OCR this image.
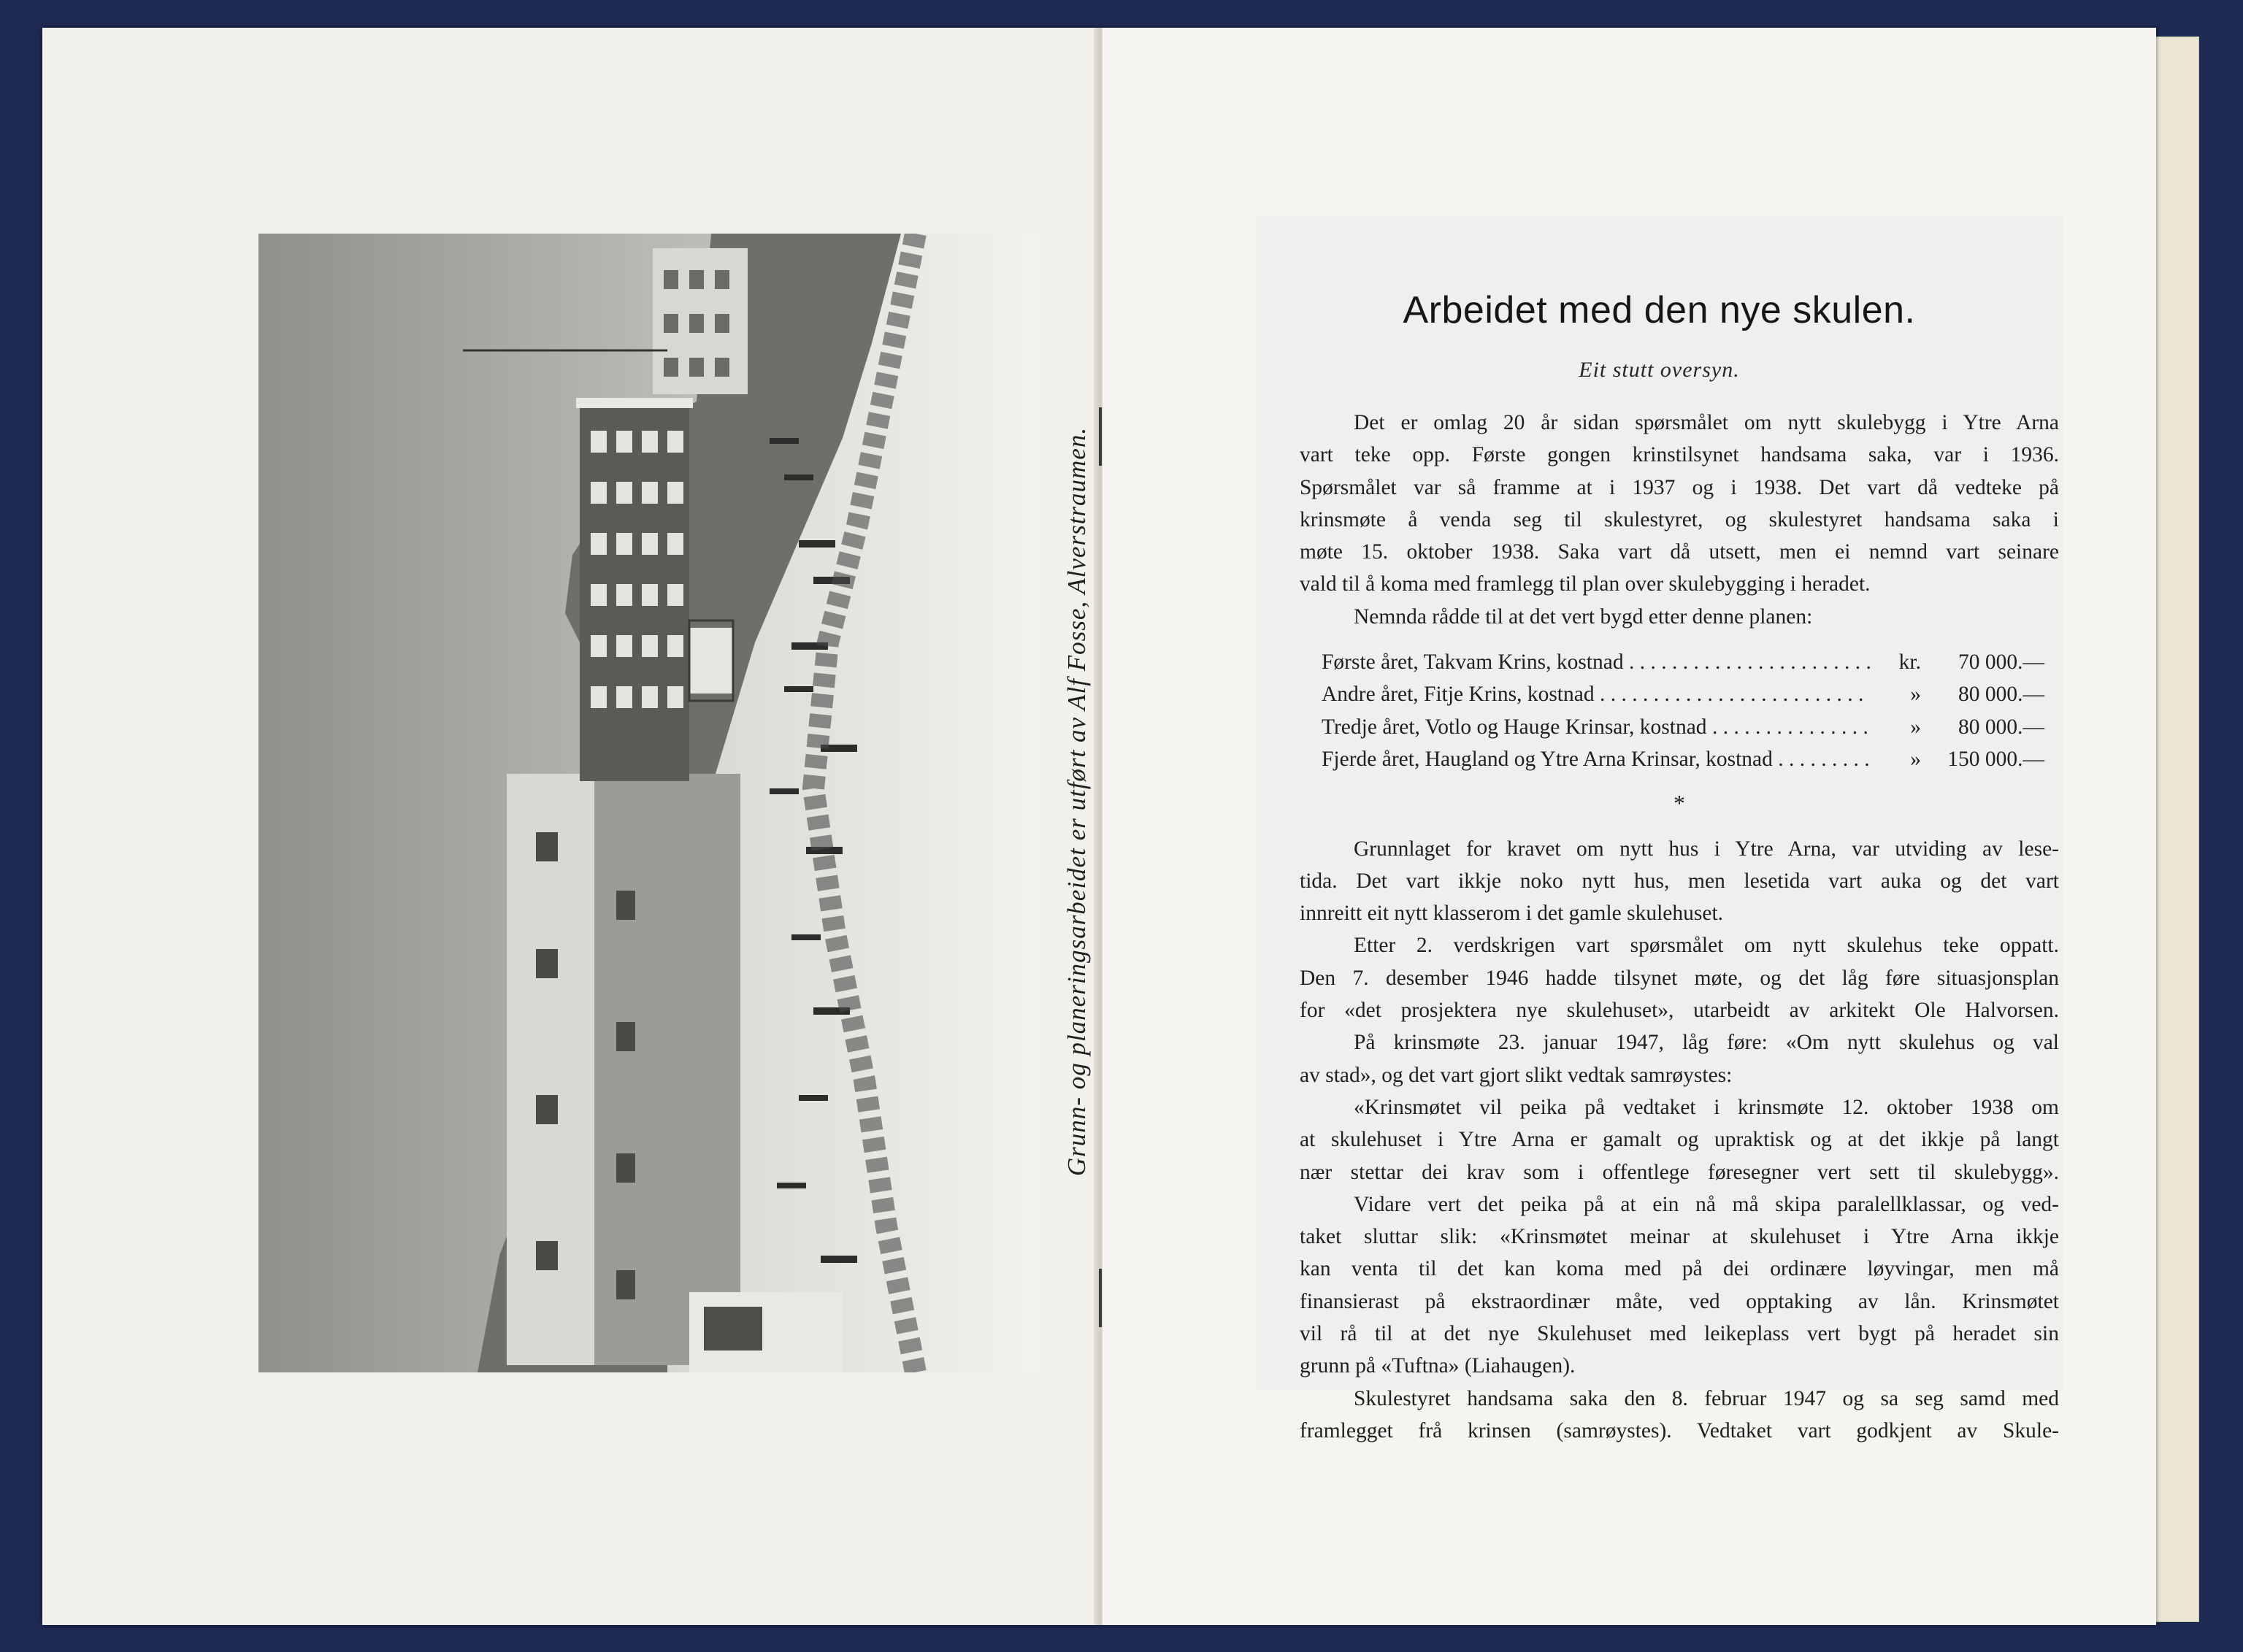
Grunn- og planeringsarbeidet er utført av Alf Fosse, Alverstraumen.
Arbeidet med den nye skulen.
Eit stutt oversyn.
Det er omlag 20 år sidan spørsmålet om nytt skulebygg i Ytre Arna
vart teke opp. Første gongen krinstilsynet handsama saka, var i 1936.
Spørsmålet var så framme at i 1937 og i 1938. Det vart då vedteke på
krinsmøte å venda seg til skulestyret, og skulestyret handsama saka i
møte 15. oktober 1938. Saka vart då utsett, men ei nemnd vart seinare
vald til å koma med framlegg til plan over skulebygging i heradet.
Nemnda rådde til at det vert bygd etter denne planen:
Første året, Takvam Krins, kostnad . . .	kr.	70 000.—
Andre året, Fitje Krins, kostnad . . .	»	80 000.—
Tredje året, Votlo og Hauge Krinsar, kostnad . . .	»	80 000.—
Fjerde året, Haugland og Ytre Arna Krinsar, kostnad . . .	»	150 000.—
*
Grunnlaget for kravet om nytt hus i Ytre Arna, var utviding av lese-
tida. Det vart ikkje noko nytt hus, men lesetida vart auka og det vart
innreitt eit nytt klasserom i det gamle skulehuset.
Etter 2. verdskrigen vart spørsmålet om nytt skulehus teke oppatt.
Den 7. desember 1946 hadde tilsynet møte, og det låg føre situasjonsplan
for «det prosjektera nye skulehuset», utarbeidt av arkitekt Ole Halvorsen.
På krinsmøte 23. januar 1947, låg føre: «Om nytt skulehus og val
av stad», og det vart gjort slikt vedtak samrøystes:
«Krinsmøtet vil peika på vedtaket i krinsmøte 12. oktober 1938 om
at skulehuset i Ytre Arna er gamalt og upraktisk og at det ikkje på langt
nær stettar dei krav som i offentlege føresegner vert sett til skulebygg».
Vidare vert det peika på at ein nå må skipa paralellklassar, og ved-
taket sluttar slik: «Krinsmøtet meinar at skulehuset i Ytre Arna ikkje
kan venta til det kan koma med på dei ordinære løyvingar, men må
finansierast på ekstraordinær måte, ved opptaking av lån. Krinsmøtet
vil rå til at det nye Skulehuset med leikeplass vert bygt på heradet sin
grunn på «Tuftna» (Liahaugen).
Skulestyret handsama saka den 8. februar 1947 og sa seg samd med
framlegget frå krinsen (samrøystes). Vedtaket vart godkjent av Skule-
